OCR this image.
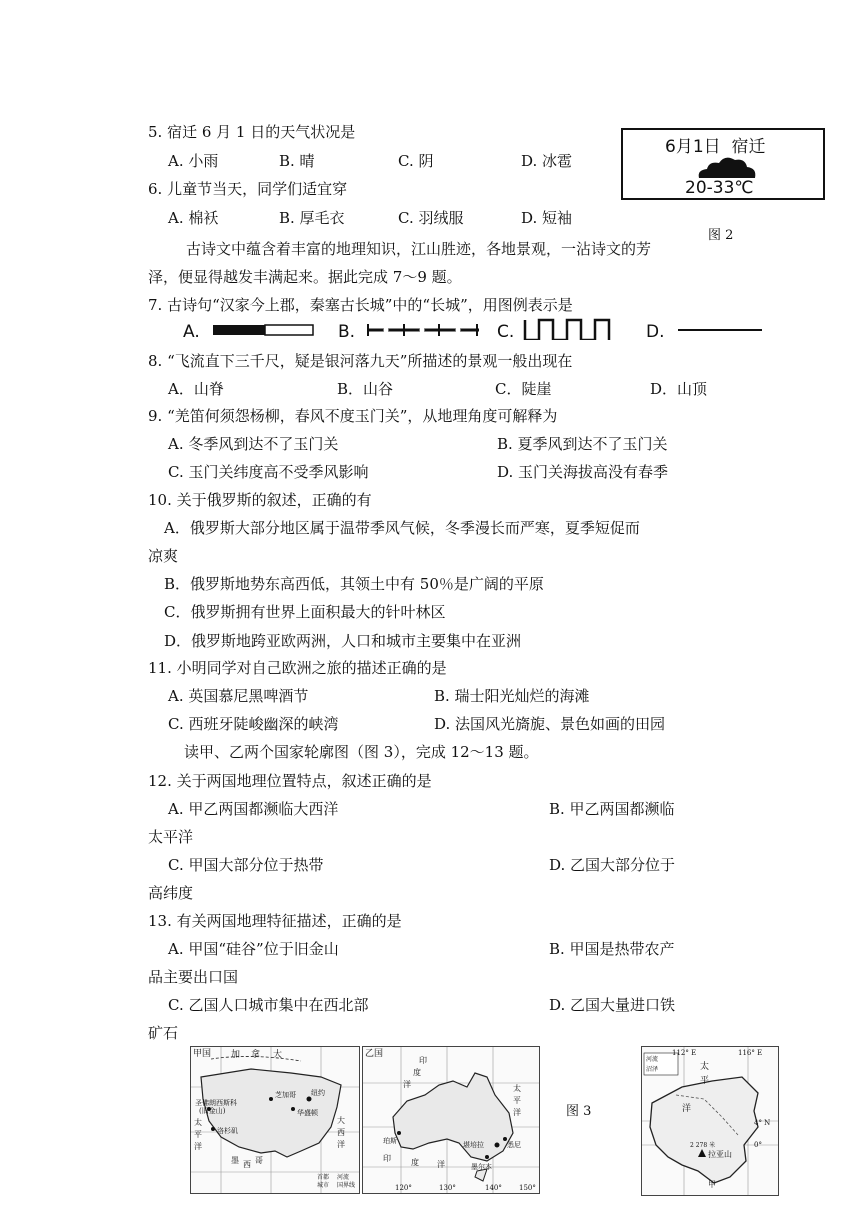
5. 宿迁 6 月 1 日的天气状况是
A. 小雨	B. 晴	C. 阴	D. 冰雹
6月1日 宿迁
20-33℃
图 2
6. 儿童节当天，同学们适宜穿
A. 棉袄	B. 厚毛衣	C. 羽绒服	D. 短袖
古诗文中蕴含着丰富的地理知识，江山胜迹，各地景观，一沾诗文的芳
泽，便显得越发丰满起来。据此完成 7～9 题。
7. 古诗句“汉家今上郡，秦塞古长城”中的“长城”，用图例表示是
A.	B.	C.	D.
8. “飞流直下三千尺，疑是银河落九天”所描述的景观一般出现在
A．山脊	B．山谷	C．陡崖	D．山顶
9. “羌笛何须怨杨柳，春风不度玉门关”，从地理角度可解释为
A. 冬季风到达不了玉门关	B. 夏季风到达不了玉门关
C. 玉门关纬度高不受季风影响	D. 玉门关海拔高没有春季
10. 关于俄罗斯的叙述，正确的有
A．俄罗斯大部分地区属于温带季风气候，冬季漫长而严寒，夏季短促而
凉爽
B．俄罗斯地势东高西低，其领土中有 50％是广阔的平原
C．俄罗斯拥有世界上面积最大的针叶林区
D．俄罗斯地跨亚欧两洲，人口和城市主要集中在亚洲
11. 小明同学对自己欧洲之旅的描述正确的是
A. 英国慕尼黑啤酒节	B. 瑞士阳光灿烂的海滩
C. 西班牙陡峻幽深的峡湾	D. 法国风光旖旎、景色如画的田园
读甲、乙两个国家轮廓图（图 3），完成 12～13 题。
12. 关于两国地理位置特点，叙述正确的是
A. 甲乙两国都濒临大西洋	B. 甲乙两国都濒临
太平洋
C. 甲国大部分位于热带	D. 乙国大部分位于
高纬度
13. 有关两国地理特征描述，正确的是
A. 甲国“硅谷”位于旧金山	B. 甲国是热带农产
品主要出口国
C. 乙国人口城市集中在西北部	D. 乙国大量进口铁
矿石
甲国 加 拿 大
圣佛朗西斯科
(旧金山)
芝加哥 纽约
华盛顿
洛杉矶
太
平
洋
墨 西 哥
大
西
洋
首都
城市
河流
国界线
乙国
印
度
洋	太
平
洋
珀斯	堪培拉	悉尼
墨尔本
印	度 洋
120°	130°	140° 150°
图 3
河流
沼泽
112° E	116° E
4° N
0°
太
平
洋
2 278 米
拉亚山
甲
